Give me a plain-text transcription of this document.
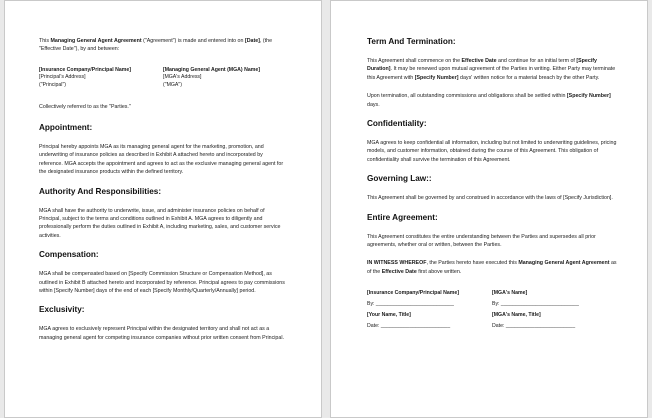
This Managing General Agent Agreement ("Agreement") is made and entered into on [Date], (the "Effective Date"), by and between:

[Insurance Company/Principal Name]
[Principal's Address]
("Principal")
[Managing General Agent (MGA) Name]
[MGA's Address]
("MGA")

Collectively referred to as the "Parties."

Appointment:

Principal hereby appoints MGA as its managing general agent for the marketing, promotion, and underwriting of insurance policies as described in Exhibit A attached hereto and incorporated by reference. MGA accepts the appointment and agrees to act as the exclusive managing general agent for the designated insurance products within the defined territory.

Authority And Responsibilities:

MGA shall have the authority to underwrite, issue, and administer insurance policies on behalf of Principal, subject to the terms and conditions outlined in Exhibit A. MGA agrees to diligently and professionally perform the duties outlined in Exhibit A, including marketing, sales, and customer service activities.

Compensation:

MGA shall be compensated based on [Specify Commission Structure or Compensation Method], as outlined in Exhibit B attached hereto and incorporated by reference. Principal agrees to pay commissions within [Specify Number] days of the end of each [Specify Monthly/Quarterly/Annually] period.

Exclusivity:

MGA agrees to exclusively represent Principal within the designated territory and shall not act as a managing general agent for competing insurance companies without prior written consent from Principal.

Term And Termination:

This Agreement shall commence on the Effective Date and continue for an initial term of [Specify Duration]. It may be renewed upon mutual agreement of the Parties in writing. Either Party may terminate this Agreement with [Specify Number] days' written notice for a material breach by the other Party.

Upon termination, all outstanding commissions and obligations shall be settled within [Specify Number] days.

Confidentiality:

MGA agrees to keep confidential all information, including but not limited to underwriting guidelines, pricing models, and customer information, obtained during the course of this Agreement. This obligation of confidentiality shall survive the termination of this Agreement.

Governing Law::

This Agreement shall be governed by and construed in accordance with the laws of [Specify Jurisdiction].

Entire Agreement:

This Agreement constitutes the entire understanding between the Parties and supersedes all prior agreements, whether oral or written, between the Parties.

IN WITNESS WHEREOF, the Parties hereto have executed this Managing General Agent Agreement as of the Effective Date first above written.

[Insurance Company/Principal Name]
By: ___________________________
[Your Name, Title]
Date: ________________________
[MGA's Name]
By: ___________________________
[MGA's Name, Title]
Date: ________________________
